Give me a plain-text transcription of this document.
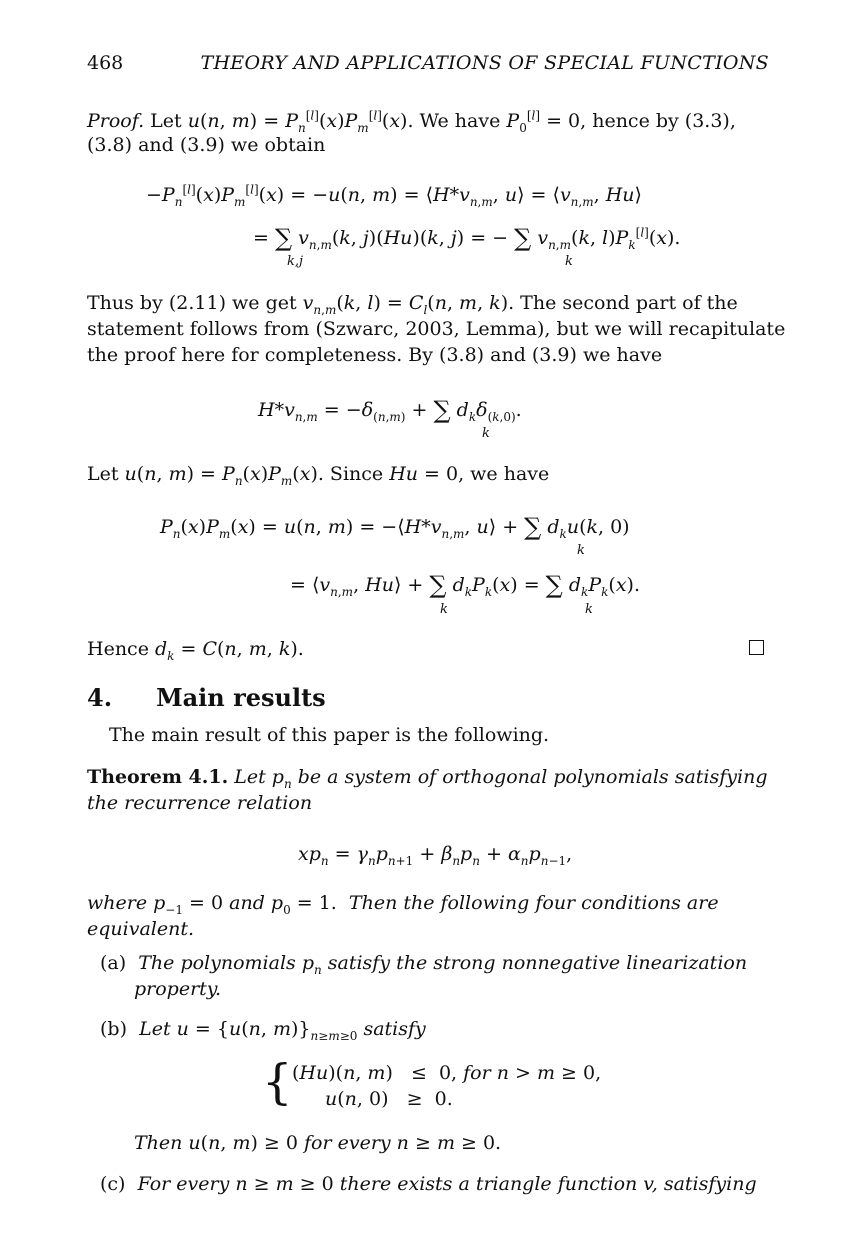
468	THEORY AND APPLICATIONS OF SPECIAL FUNCTIONS
Proof. Let u(n, $m) = P_n[l](x)P_m[l](x)$. We have $P_0[l] = 0$, hence by (3.3),
(3.8) and (3.9) we obtain
$-P_n[l](x)P_m[l](x) = -u(n$, $m) = ⟨H*v_{n,m}$, u⟩ = $⟨v_{n,m}$, Hu⟩
= ∑ $v_{n,m}(k$, j)(Hu)(k, j) = − ∑ $v_{n,m}(k$, $l)P_k[l](x)$.
k,j	k
Thus by (2.11) we get $v_{n,m}(k$, $l) = C_l(n$, m, k). The second part of the
statement follows from (Szwarc, 2003, Lemma), but we will recapitulate
the proof here for completeness. By (3.8) and (3.9) we have
$H*v_{n,m} = -\delta_{(n,m)}$ + ∑ $d_k\delta_{(k,0)}$.
k
Let u(n, $m) = P_n(x)P_m(x)$. Since Hu = 0, we have
$P_n(x)P_m(x) = u(n$, $m) = -⟨H*v_{n,m}$, u⟩ + ∑ $d_ku(k$, 0)
k
= $⟨v_{n,m}$, Hu⟩ + ∑ $d_kP_k(x)$ = ∑ $d_kP_k(x)$.
k	k
Hence $d_k = C(n$, m, k).
4. Main results
The main result of this paper is the following.
Theorem 4.1. Let $p_n$ be a system of orthogonal polynomials satisfying
the recurrence relation
$xp_n = \gamma_np_{n+1} + \beta_np_n + \alpha_np_{n-1}$,
where $p_{-1} = 0$ and $p_0 = 1$.  Then the following four conditions are
equivalent.
(a) The polynomials $p_n$ satisfy the strong nonnegative linearization
property.
(b) Let u = {u(n, $m)\}_{n\ge m\ge 0}$ satisfy
{ (Hu)(n, m)   ≤  0, for n > m ≥ 0,
u(n, 0)   ≥  0.
Then u(n, m) ≥ 0 for every n ≥ m ≥ 0.
(c) For every n ≥ m ≥ 0 there exists a triangle function v, satisfying
